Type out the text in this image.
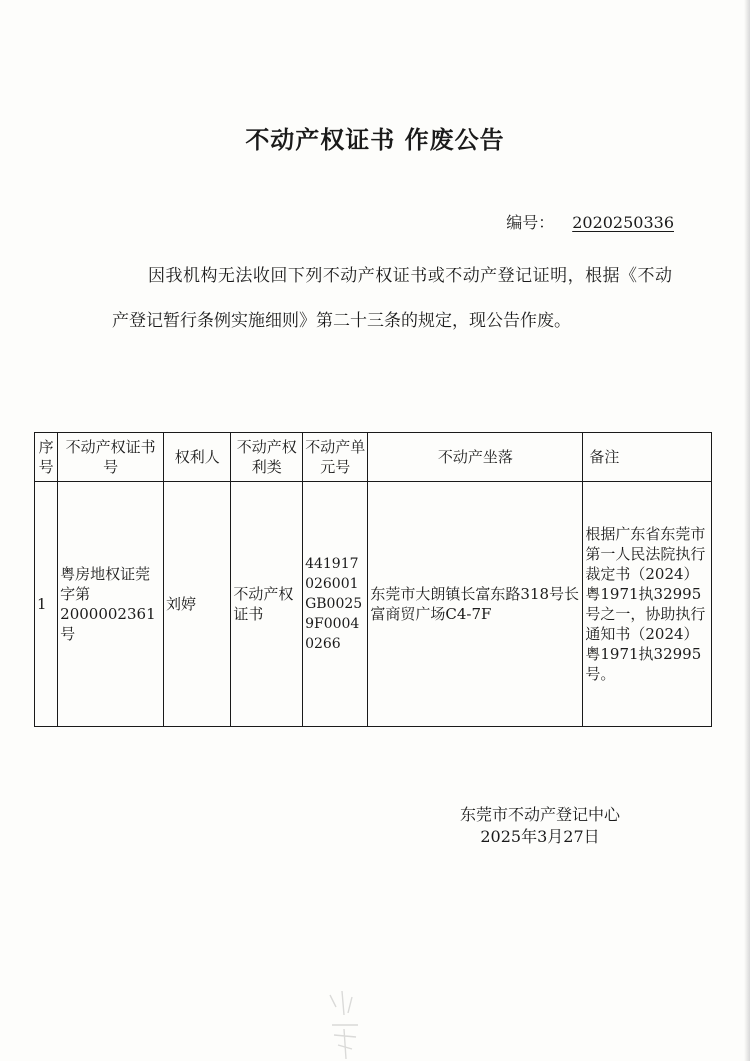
不动产权证书 作废公告
编号： 2020250336
因我机构无法收回下列不动产权证书或不动产登记证明，根据《不动产登记暂行条例实施细则》第二十三条的规定，现公告作废。
序号	不动产权证书号	权利人	不动产权利类	不动产单元号	不动产坐落	备注
1	粤房地权证莞字第2000002361号	刘婷	不动产权证书	441917026001GB00259F00040266	东莞市大朗镇长富东路318号长富商贸广场C4-7F	根据广东省东莞市第一人民法院执行裁定书（2024）粤1971执32995号之一，协助执行通知书（2024）粤1971执32995号。
东莞市不动产登记中心
2025年3月27日
